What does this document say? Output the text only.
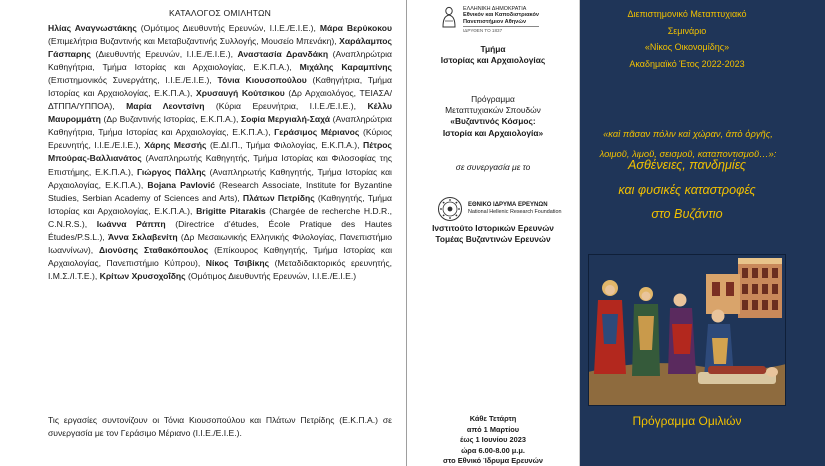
ΚΑΤΑΛΟΓΟΣ ΟΜΙΛΗΤΩΝ
Ηλίας Αναγνωστάκης (Ομότιμος Διευθυντής Ερευνών, Ι.Ι.Ε./Ε.Ι.Ε.), Μάρα Βερύκοκου (Επιμελήτρια Βυζαντινής και Μεταβυζαντινής Συλλογής, Μουσείο Μπενάκη), Χαράλαμπος Γάσπαρης (Διευθυντής Ερευνών, Ι.Ι.Ε./Ε.Ι.Ε.), Αναστασία Δρανδάκη (Αναπληρώτρια Καθηγήτρια, Τμήμα Ιστορίας και Αρχαιολογίας, Ε.Κ.Π.Α.), Μιχάλης Καραμπίνης (Επιστημονικός Συνεργάτης, Ι.Ι.Ε./Ε.Ι.Ε.), Τόνια Κιουσοπούλου (Καθηγήτρια, Τμήμα Ιστορίας και Αρχαιολογίας, Ε.Κ.Π.Α.), Χρυσαυγή Κούτσικου (Δρ Αρχαιολόγος, ΤΕΙΑΣΑ/ΔΤΠΠΑ/ΥΠΠΟΑ), Μαρία Λεοντσίνη (Κύρια Ερευνήτρια, Ι.Ι.Ε./Ε.Ι.Ε.), Κέλλυ Μαυρομμάτη (Δρ Βυζαντινής Ιστορίας, Ε.Κ.Π.Α.), Σοφία Μεργιαλή-Σαχά (Αναπληρώτρια Καθηγήτρια, Τμήμα Ιστορίας και Αρχαιολογίας, Ε.Κ.Π.Α.), Γεράσιμος Μέριανος (Κύριος Ερευνητής, Ι.Ι.Ε./Ε.Ι.Ε.), Χάρης Μεσσής (Ε.ΔΙ.Π., Τμήμα Φιλολογίας, Ε.Κ.Π.Α.), Πέτρος Μπούρας-Βαλλιανάτος (Αναπληρωτής Καθηγητής, Τμήμα Ιστορίας και Φιλοσοφίας της Επιστήμης, Ε.Κ.Π.Α.), Γιώργος Πάλλης (Αναπληρωτής Καθηγητής, Τμήμα Ιστορίας και Αρχαιολογίας, Ε.Κ.Π.Α.), Bojana Pavlović (Research Associate, Institute for Byzantine Studies, Serbian Academy of Sciences and Arts), Πλάτων Πετρίδης (Καθηγητής, Τμήμα Ιστορίας και Αρχαιολογίας, Ε.Κ.Π.Α.), Brigitte Pitarakis (Chargée de recherche H.D.R., C.N.R.S.), Ιωάννα Ράππη (Directrice d’études, École Pratique des Hautes Études/P.S.L.), Άννα Σκλαβενίτη (Δρ Μεσαιωνικής Ελληνικής Φιλολογίας, Πανεπιστήμιο Ιωαννίνων), Διονύσης Σταθακόπουλος (Επίκουρος Καθηγητής, Τμήμα Ιστορίας και Αρχαιολογίας, Πανεπιστήμιο Κύπρου), Νίκος Τσιβίκης (Μεταδιδακτορικός ερευνητής, Ι.Μ.Σ./Ι.Τ.Ε.), Κρίτων Χρυσοχοΐδης (Ομότιμος Διευθυντής Ερευνών, Ι.Ι.Ε./Ε.Ι.Ε.)
Τις εργασίες συντονίζουν οι Τόνια Κιουσοπούλου και Πλάτων Πετρίδης (Ε.Κ.Π.Α.) σε συνεργασία με τον Γεράσιμο Μέριανο (Ι.Ι.Ε./Ε.Ι.Ε.).
ΕΛΛΗΝΙΚΗ ΔΗΜΟΚΡΑΤΙΑ
Εθνικόν και Καποδιστριακόν
Πανεπιστήμιον Αθηνών
ΙΔΡΥΘΕΝ ΤΟ 1837
Τμήμα
Ιστορίας και Αρχαιολογίας
Πρόγραμμα
Μεταπτυχιακών Σπουδών
«Βυζαντινός Κόσμος:
Ιστορία και Αρχαιολογία»
σε συνεργασία με το
ΕΘΝΙΚΟ ΙΔΡΥΜΑ ΕΡΕΥΝΩΝ
National Hellenic Research Foundation
Ινστιτούτο Ιστορικών Ερευνών
Τομέας Βυζαντινών Ερευνών
Κάθε Τετάρτη
από 1 Μαρτίου
έως 1 Ιουνίου 2023
ώρα 6.00-8.00 μ.μ.
στο Εθνικό Ίδρυμα Ερευνών
Διεπιστημονικό Μεταπτυχιακό
Σεμινάριο
«Νίκος Οικονομίδης»
Ακαδημαϊκό Έτος 2022-2023
«καὶ πᾶσαν πόλιν καὶ χώραν, ἀπὸ ὀργῆς,
λοιμοῦ, λιμοῦ, σεισμοῦ, καταποντισμοῦ…»:
Ασθένειες, πανδημίες
και φυσικές καταστροφές
στο Βυζάντιο
Πρόγραμμα Ομιλιών
